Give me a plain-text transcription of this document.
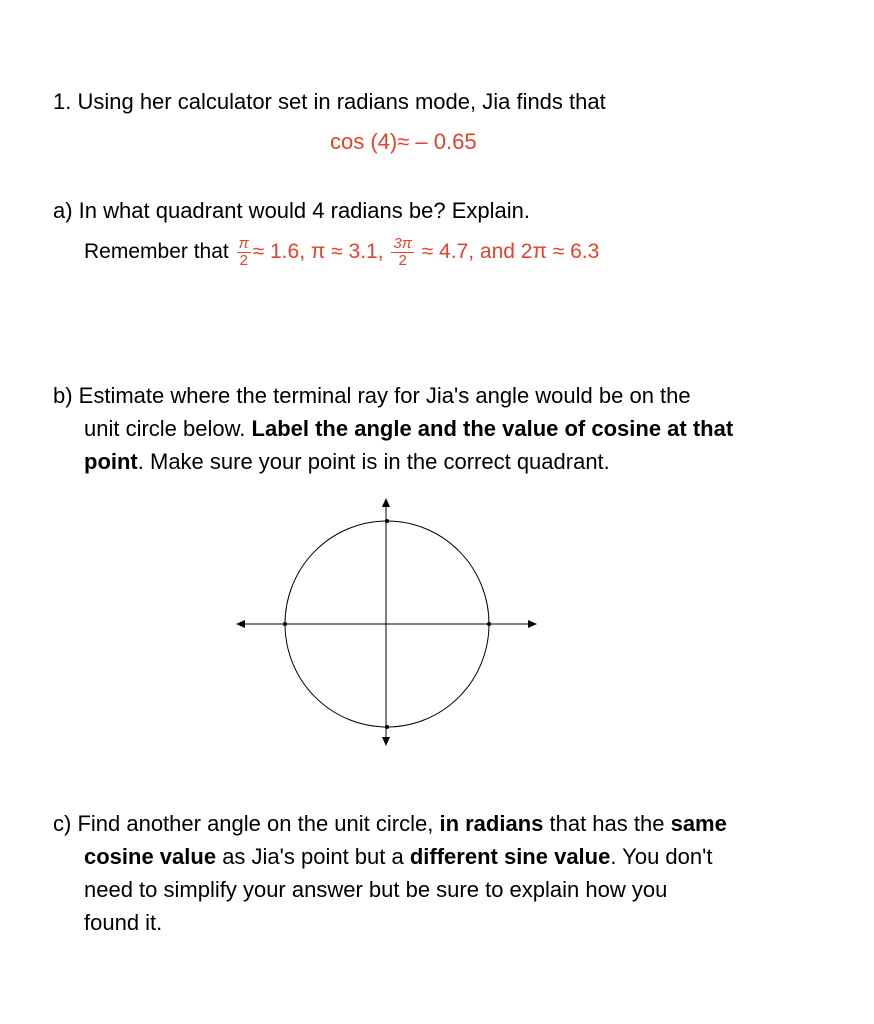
1. Using her calculator set in radians mode, Jia finds that
cos (4)≈ – 0.65
a) In what quadrant would 4 radians be? Explain.
Remember that $\frac{\pi}{2} \approx 1.6$, π ≈ 3.1, $\frac{3\pi}{2} \approx 4.7$, and 2π ≈ 6.3
b) Estimate where the terminal ray for Jia's angle would be on the
unit circle below. Label the angle and the value of cosine at that
point. Make sure your point is in the correct quadrant.
c) Find another angle on the unit circle, in radians that has the same
cosine value as Jia's point but a different sine value. You don't
need to simplify your answer but be sure to explain how you
found it.
